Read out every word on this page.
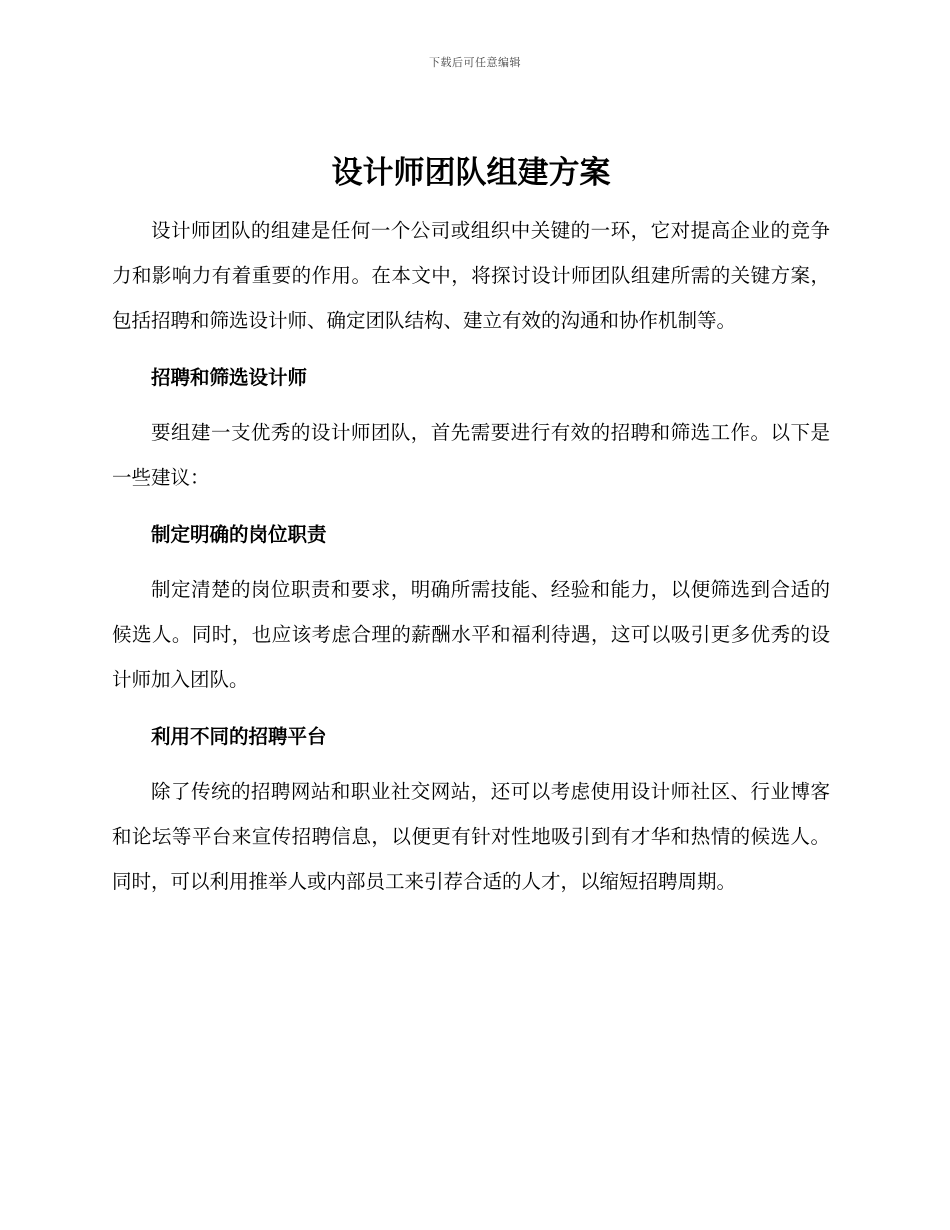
下载后可任意编辑
设计师团队组建方案

设计师团队的组建是任何一个公司或组织中关键的一环，它对提高企业的竞争力和影响力有着重要的作用。在本文中，将探讨设计师团队组建所需的关键方案，包括招聘和筛选设计师、确定团队结构、建立有效的沟通和协作机制等。

招聘和筛选设计师

要组建一支优秀的设计师团队，首先需要进行有效的招聘和筛选工作。以下是一些建议：

制定明确的岗位职责

制定清楚的岗位职责和要求，明确所需技能、经验和能力，以便筛选到合适的候选人。同时，也应该考虑合理的薪酬水平和福利待遇，这可以吸引更多优秀的设计师加入团队。

利用不同的招聘平台

除了传统的招聘网站和职业社交网站，还可以考虑使用设计师社区、行业博客和论坛等平台来宣传招聘信息，以便更有针对性地吸引到有才华和热情的候选人。同时，可以利用推举人或内部员工来引荐合适的人才，以缩短招聘周期。
